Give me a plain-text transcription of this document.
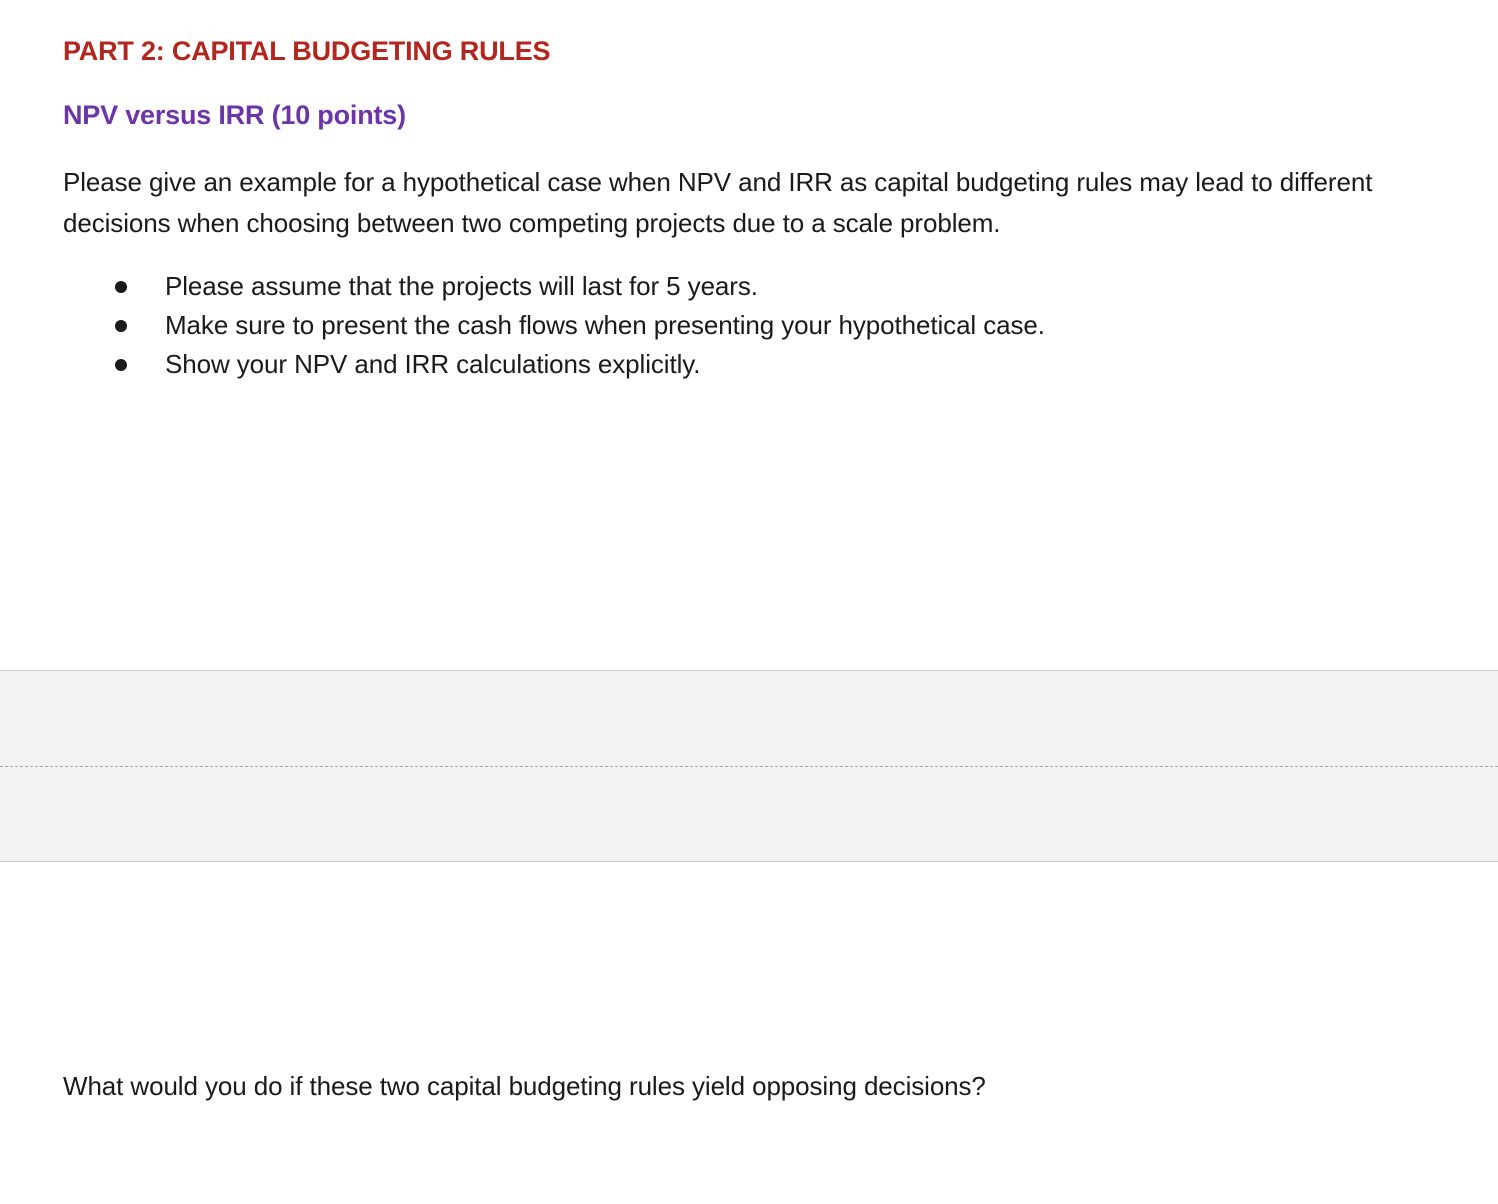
PART 2: CAPITAL BUDGETING RULES
NPV versus IRR (10 points)

Please give an example for a hypothetical case when NPV and IRR as capital budgeting rules may lead to different decisions when choosing between two competing projects due to a scale problem.

Please assume that the projects will last for 5 years.
Make sure to present the cash flows when presenting your hypothetical case.
Show your NPV and IRR calculations explicitly.

What would you do if these two capital budgeting rules yield opposing decisions?
